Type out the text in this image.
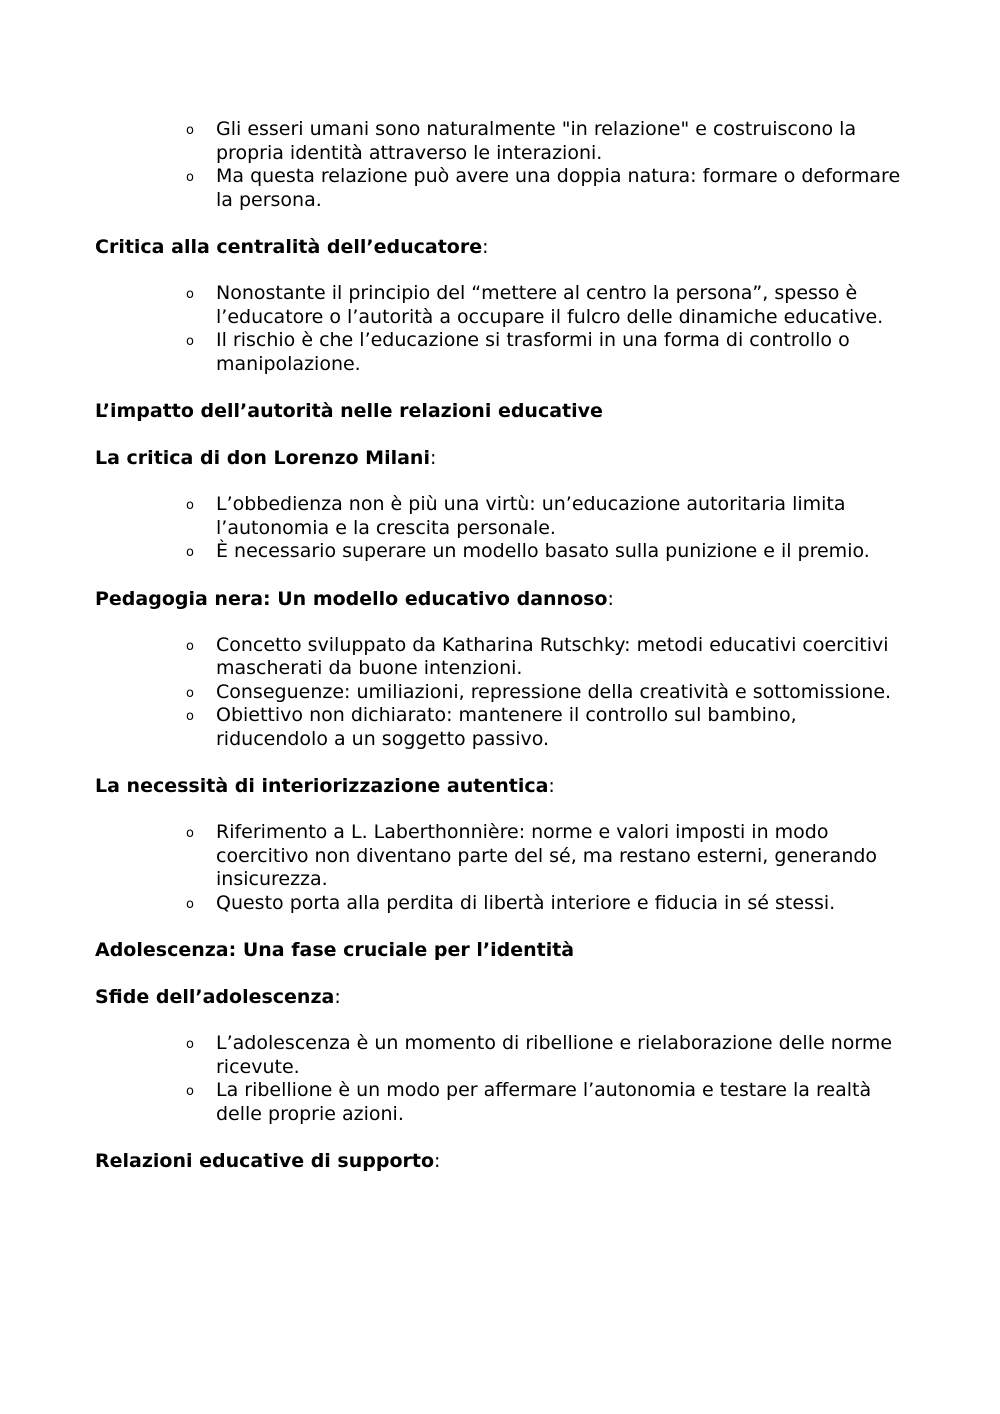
o Gli esseri umani sono naturalmente "in relazione" e costruiscono la propria identità attraverso le interazioni.
o Ma questa relazione può avere una doppia natura: formare o deformare la persona.

Critica alla centralità dell’educatore:

o Nonostante il principio del “mettere al centro la persona”, spesso è l’educatore o l’autorità a occupare il fulcro delle dinamiche educative.
o Il rischio è che l’educazione si trasformi in una forma di controllo o manipolazione.

L’impatto dell’autorità nelle relazioni educative

La critica di don Lorenzo Milani:

o L’obbedienza non è più una virtù: un’educazione autoritaria limita l’autonomia e la crescita personale.
o È necessario superare un modello basato sulla punizione e il premio.

Pedagogia nera: Un modello educativo dannoso:

o Concetto sviluppato da Katharina Rutschky: metodi educativi coercitivi mascherati da buone intenzioni.
o Conseguenze: umiliazioni, repressione della creatività e sottomissione.
o Obiettivo non dichiarato: mantenere il controllo sul bambino, riducendolo a un soggetto passivo.

La necessità di interiorizzazione autentica:

o Riferimento a L. Laberthonnière: norme e valori imposti in modo coercitivo non diventano parte del sé, ma restano esterni, generando insicurezza.
o Questo porta alla perdita di libertà interiore e fiducia in sé stessi.

Adolescenza: Una fase cruciale per l’identità

Sfide dell’adolescenza:

o L’adolescenza è un momento di ribellione e rielaborazione delle norme ricevute.
o La ribellione è un modo per affermare l’autonomia e testare la realtà delle proprie azioni.

Relazioni educative di supporto:
